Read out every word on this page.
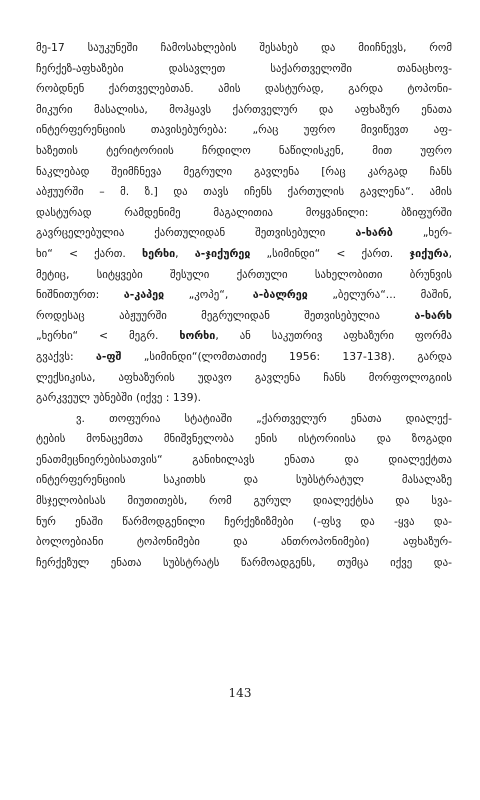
მე-17 საუკუნეში ჩამოსახლების შესახებ და მიიჩნევს, რომ
ჩერქეზ-აფხაზები დასავლეთ საქართველოში თანაცხოვ-
რობდნენ ქართველებთან. ამის დასტურად, გარდა ტოპონი-
მიკური მასალისა, მოჰყავს ქართველურ და აფხაზურ ენათა
ინტერფერენციის თავისებურება: „რაც უფრო მივიწევთ აფ-
ხაზეთის ტერიტორიის ჩრდილო ნაწილისკენ, მით უფრო
ნაკლებად შეიმჩნევა მეგრული გავლენა [რაც კარგად ჩანს
აბჟუურში – მ. ზ.] და თავს იჩენს ქართულის გავლენა“. ამის
დასტურად რამდენიმე მაგალითია მოყვანილი: ბზიფურში
გავრცელებულია ქართულიდან შეთვისებული ა-ხარბ „ხერ-
ხი“ < ქართ. ხერხი, ა-ჯიქურეჲ „სიმინდი“ < ქართ. ჯიქურა,
მეტიც, სიტყვები შესული ქართული სახელობითი ბრუნვის
ნიშნითურთ: ა-კაპეჲ „კოპე“, ა-ბალრეჲ „ბელურა“... მაშინ,
როდესაც აბჟუურში მეგრულიდან შეთვისებულია ა-ხარხ
„ხერხი“ < მეგრ. ხორხი, ან საკუთრივ აფხაზური ფორმა
გვაქვს: ა-ფშ „სიმინდი“(ლომთათიძე 1956: 137-138). გარდა
ლექსიკისა, აფხაზურის უდავო გავლენა ჩანს მორფოლოგიის
გარკვეულ უბნებში (იქვე : 139).
ვ. თოფურია სტატიაში „ქართველურ ენათა დიალექ-
ტების მონაცემთა მნიშვნელობა ენის ისტორიისა და ზოგადი
ენათმეცნიერებისათვის“ განიხილავს ენათა და დიალექტთა
ინტერფერენციის საკითხს და სუბსტრატულ მასალაზე
მსჯელობისას მიუთითებს, რომ გურულ დიალექტსა და სვა-
ნურ ენაში წარმოდგენილი ჩერქეზიზმები (-ფსვ და -ყვა და-
ბოლოებიანი ტოპონიმები და ანთროპონიმები) აფხაზურ-
ჩერქეზულ ენათა სუბსტრატს წარმოადგენს, თუმცა იქვე და-
143
